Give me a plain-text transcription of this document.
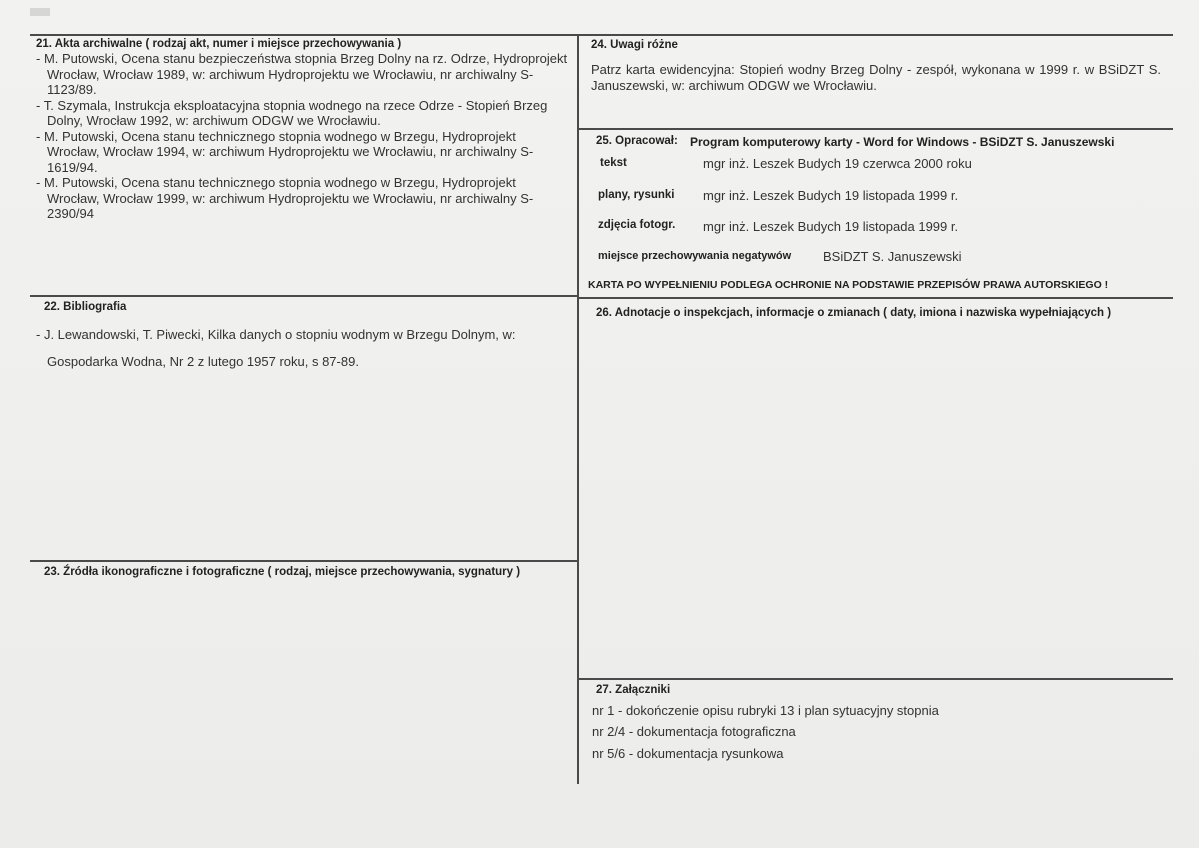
21. Akta archiwalne ( rodzaj akt, numer i miejsce przechowywania )
- M. Putowski, Ocena stanu bezpieczeństwa stopnia Brzeg Dolny na rz. Odrze, Hydroprojekt Wrocław, Wrocław 1989, w: archiwum Hydroprojektu we Wrocławiu, nr archiwalny S-1123/89.
- T. Szymala, Instrukcja eksploatacyjna stopnia wodnego na rzece Odrze - Stopień Brzeg Dolny, Wrocław 1992, w: archiwum ODGW we Wrocławiu.
- M. Putowski, Ocena stanu technicznego stopnia wodnego w Brzegu, Hydroprojekt Wrocław, Wrocław 1994, w: archiwum Hydroprojektu we Wrocławiu, nr archiwalny S-1619/94.
- M. Putowski, Ocena stanu technicznego stopnia wodnego w Brzegu, Hydroprojekt Wrocław, Wrocław 1999, w: archiwum Hydroprojektu we Wrocławiu, nr archiwalny S-2390/94
22. Bibliografia
- J. Lewandowski, T. Piwecki, Kilka danych o stopniu wodnym w Brzegu Dolnym, w:
Gospodarka Wodna, Nr 2 z lutego 1957 roku, s 87-89.
23. Źródła ikonograficzne i fotograficzne ( rodzaj, miejsce przechowywania, sygnatury )
24. Uwagi różne
Patrz karta ewidencyjna: Stopień wodny Brzeg Dolny - zespół, wykonana w 1999 r. w BSiDZT S. Januszewski, w: archiwum ODGW we Wrocławiu.
25. Opracował: Program komputerowy karty - Word for Windows - BSiDZT S. Januszewski
tekst	mgr inż. Leszek Budych 19 czerwca 2000 roku
plany, rysunki mgr inż. Leszek Budych 19 listopada 1999 r.
zdjęcia fotogr. mgr inż. Leszek Budych 19 listopada 1999 r.
miejsce przechowywania negatywów BSiDZT S. Januszewski
KARTA PO WYPEŁNIENIU PODLEGA OCHRONIE NA PODSTAWIE PRZEPISÓW PRAWA AUTORSKIEGO !
26. Adnotacje o inspekcjach, informacje o zmianach ( daty, imiona i nazwiska wypełniających )
27. Załączniki
nr 1 - dokończenie opisu rubryki 13 i plan sytuacyjny stopnia
nr 2/4 - dokumentacja fotograficzna
nr 5/6 - dokumentacja rysunkowa
